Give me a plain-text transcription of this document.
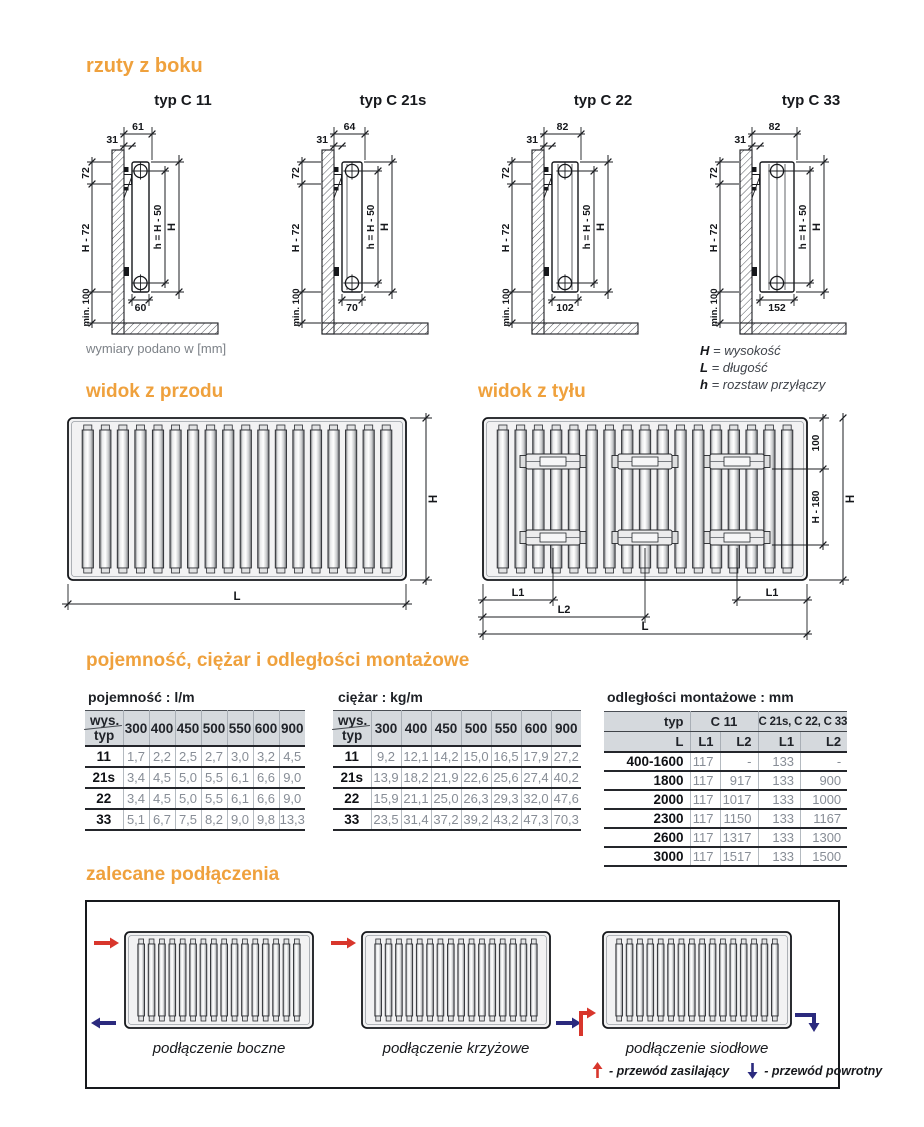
rzuty z boku
typ C 11	typ C 21s	typ C 22	typ C 33
61
31
72
H - 72
min. 100
h = H - 50 H
60
64
31
72
H - 72
min. 100
h = H - 50 H
70
82
31
72
H - 72
min. 100
h = H - 50 H
102
82
31
72
H - 72
min. 100
h = H - 50 H
152
wymiary podano w [mm]	H = wysokość
L = długość
h = rozstaw przyłączy
widok z przodu	widok z tyłu
H
L
100
H - 180 H
L1	L1
L2
L
pojemność, ciężar i odległości montażowe
pojemność : l/m	ciężar : kg/m	odległości montażowe : mm
wys.
typ	300	400	450	500	550	600	900
11	1,7	2,2	2,5	2,7	3,0	3,2	4,5
21s	3,4	4,5	5,0	5,5	6,1	6,6	9,0
22	3,4	4,5	5,0	5,5	6,1	6,6	9,0
33	5,1	6,7	7,5	8,2	9,0	9,8	13,3
wys.
typ	300	400	450	500	550	600	900
11	9,2	12,1	14,2	15,0	16,5	17,9	27,2
21s	13,9	18,2	21,9	22,6	25,6	27,4	40,2
22	15,9	21,1	25,0	26,3	29,3	32,0	47,6
33	23,5	31,4	37,2	39,2	43,2	47,3	70,3
typ	C 11		C 21s, C 22, C 33	
L	L1	L2	L1	L2
400-1600	117	-	133	-
1800	117	917	133	900
2000	117	1017	133	1000
2300	117	1150	133	1167
2600	117	1317	133	1300
3000	117	1517	133	1500
zalecane podłączenia
podłączenie boczne	podłączenie krzyżowe	podłączenie siodłowe
- przewód zasilający	- przewód powrotny
